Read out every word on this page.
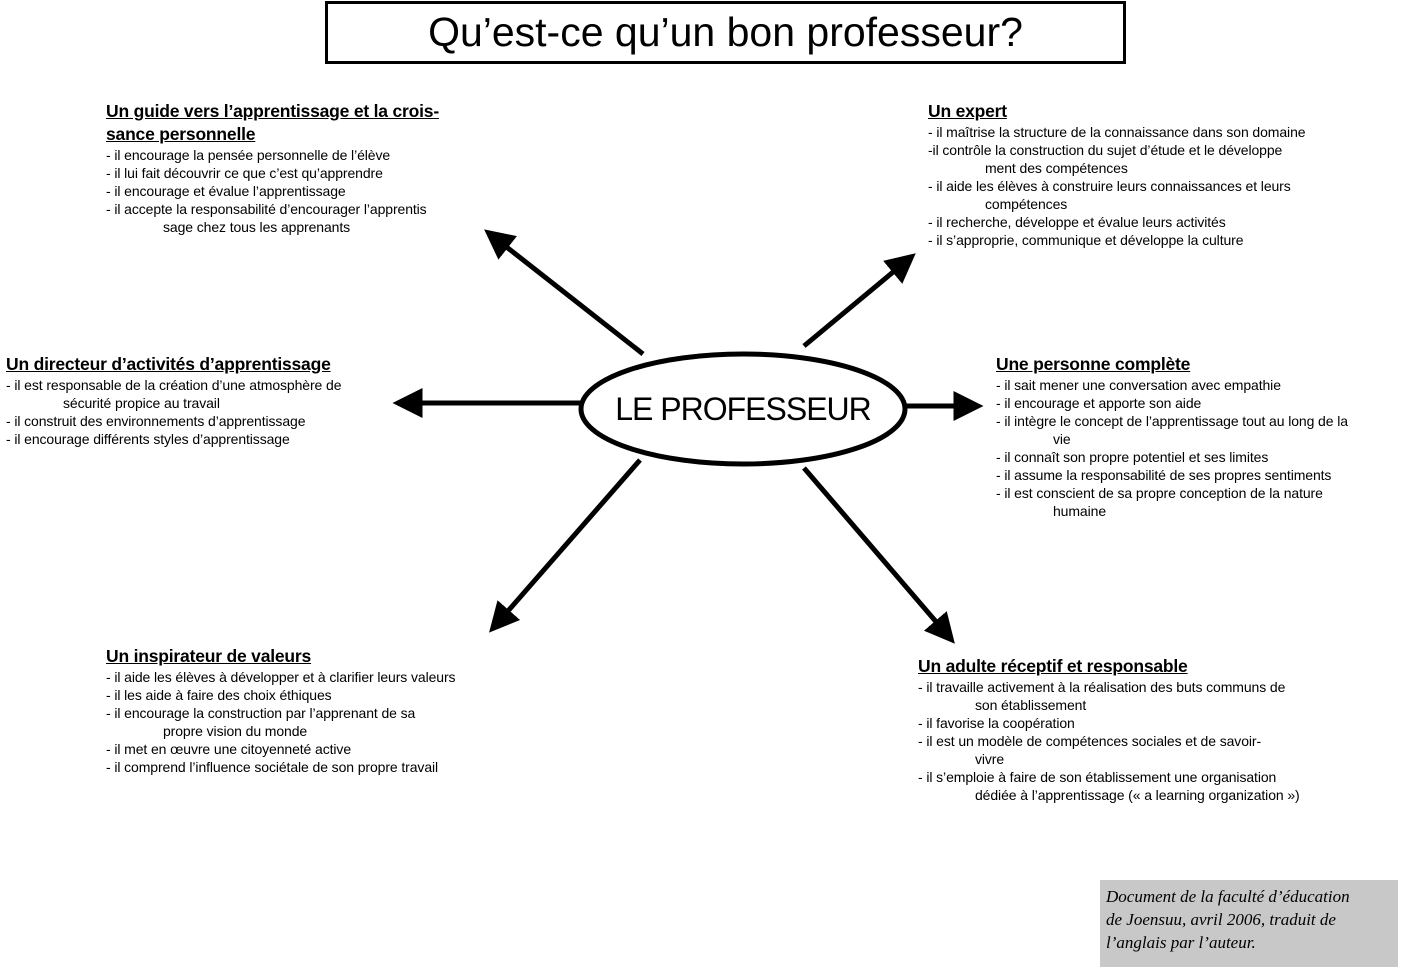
Qu’est-ce qu’un bon professeur?
LE PROFESSEUR
Un guide vers l’apprentissage et la crois-
sance personnelle
- il encourage la pensée personnelle de l’élève
- il lui fait découvrir ce que c’est qu’apprendre
- il encourage et évalue l’apprentissage
- il accepte la responsabilité d’encourager l’apprentis
sage chez tous les apprenants
Un expert
- il maîtrise la structure de la connaissance dans son domaine
-il contrôle la construction du sujet d’étude et le développe
ment des compétences
- il aide les élèves à construire leurs connaissances et leurs
compétences
- il recherche, développe et évalue leurs activités
- il s’approprie, communique et développe la culture
Un directeur d’activités d’apprentissage
- il est responsable de la création d’une atmosphère de
sécurité propice au travail
- il construit des environnements d’apprentissage
- il encourage différents styles d’apprentissage
Une personne complète
- il sait mener une conversation avec empathie
- il encourage et apporte son aide
- il intègre le concept de l’apprentissage tout au long de la
vie
- il connaît son propre potentiel et ses limites
- il assume la responsabilité de ses propres sentiments
- il est conscient de sa propre conception de la nature
humaine
Un inspirateur de valeurs
- il aide les élèves à développer et à clarifier leurs valeurs
- il les aide à faire des choix éthiques
- il encourage la construction par l’apprenant de sa
propre vision du monde
- il met en œuvre une citoyenneté active
- il comprend l’influence sociétale de son propre travail
Un adulte réceptif et responsable
- il travaille activement à la réalisation des buts communs de
son établissement
- il favorise la coopération
- il est un modèle de compétences sociales et de savoir-
vivre
- il s’emploie à faire de son établissement une organisation
dédiée à l’apprentissage (« a learning organization »)
Document de la faculté d’éducation
de Joensuu, avril 2006, traduit de
l’anglais par l’auteur.
